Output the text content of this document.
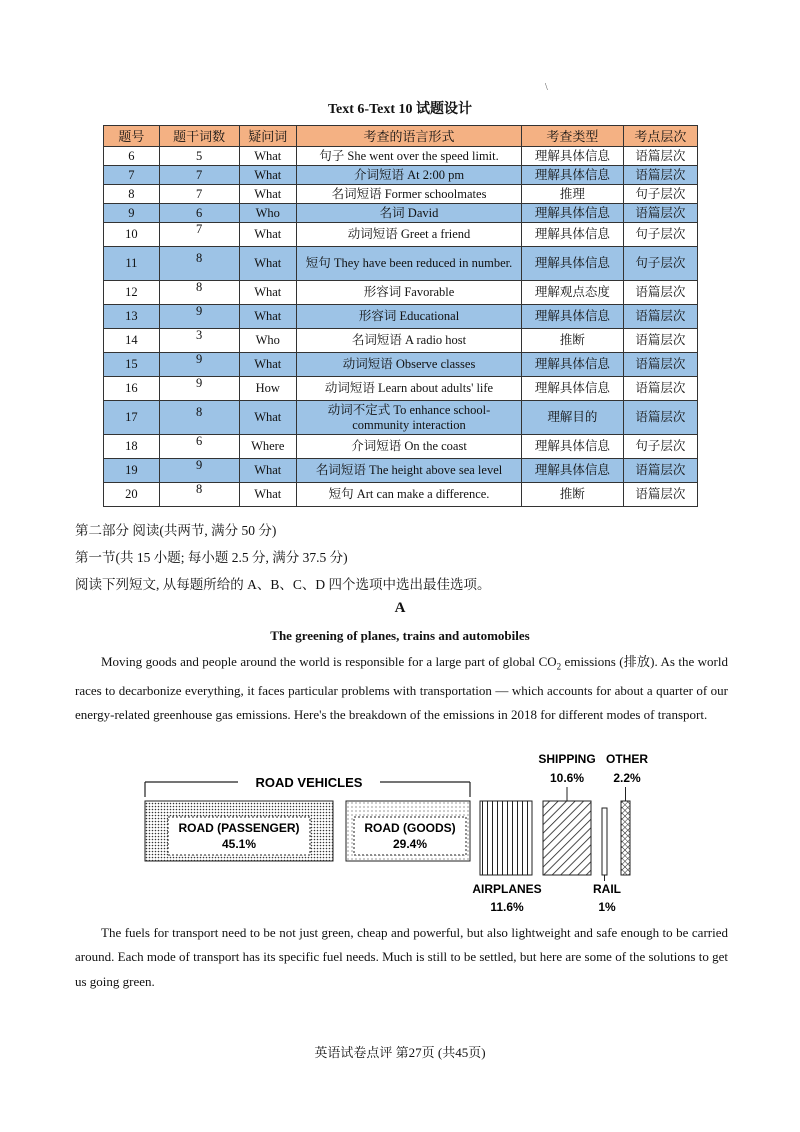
\
Text 6-Text 10 试题设计
题号	题干词数	疑问词	考查的语言形式	考查类型	考点层次
6	5	What	句子 She went over the speed limit.	理解具体信息	语篇层次
7	7	What	介词短语 At 2:00 pm	理解具体信息	语篇层次
8	7	What	名词短语 Former schoolmates	推理	句子层次
9	6	Who	名词 David	理解具体信息	语篇层次
10	7	What	动词短语 Greet a friend	理解具体信息	句子层次
11	8	What	短句 They have been reduced in number.	理解具体信息	句子层次
12	8	What	形容词 Favorable	理解观点态度	语篇层次
13	9	What	形容词 Educational	理解具体信息	语篇层次
14	3	Who	名词短语 A radio host	推断	语篇层次
15	9	What	动词短语 Observe classes	理解具体信息	语篇层次
16	9	How	动词短语 Learn about adults' life	理解具体信息	语篇层次
17	8	What	动词不定式 To enhance school-community interaction	理解目的	语篇层次
18	6	Where	介词短语 On the coast	理解具体信息	句子层次
19	9	What	名词短语 The height above sea level	理解具体信息	语篇层次
20	8	What	短句 Art can make a difference.	推断	语篇层次
第二部分 阅读(共两节, 满分 50 分)
第一节(共 15 小题; 每小题 2.5 分, 满分 37.5 分)
阅读下列短文, 从每题所给的 A、B、C、D 四个选项中选出最佳选项。
A
The greening of planes, trains and automobiles
Moving goods and people around the world is responsible for a large part of global $CO_2$ emissions (排放). As the world races to decarbonize everything, it faces particular problems with transportation — which accounts for about a quarter of our energy-related greenhouse gas emissions. Here's the breakdown of the emissions in 2018 for different modes of transport.
ROAD VEHICLES
ROAD (PASSENGER)
45.1%
ROAD (GOODS)
29.4%
AIRPLANES
11.6%
SHIPPING
10.6%
RAIL
1%
OTHER
2.2%
The fuels for transport need to be not just green, cheap and powerful, but also lightweight and safe enough to be carried around. Each mode of transport has its specific fuel needs. Much is still to be settled, but here are some of the solutions to get us going green.
英语试卷点评 第27页 (共45页)
